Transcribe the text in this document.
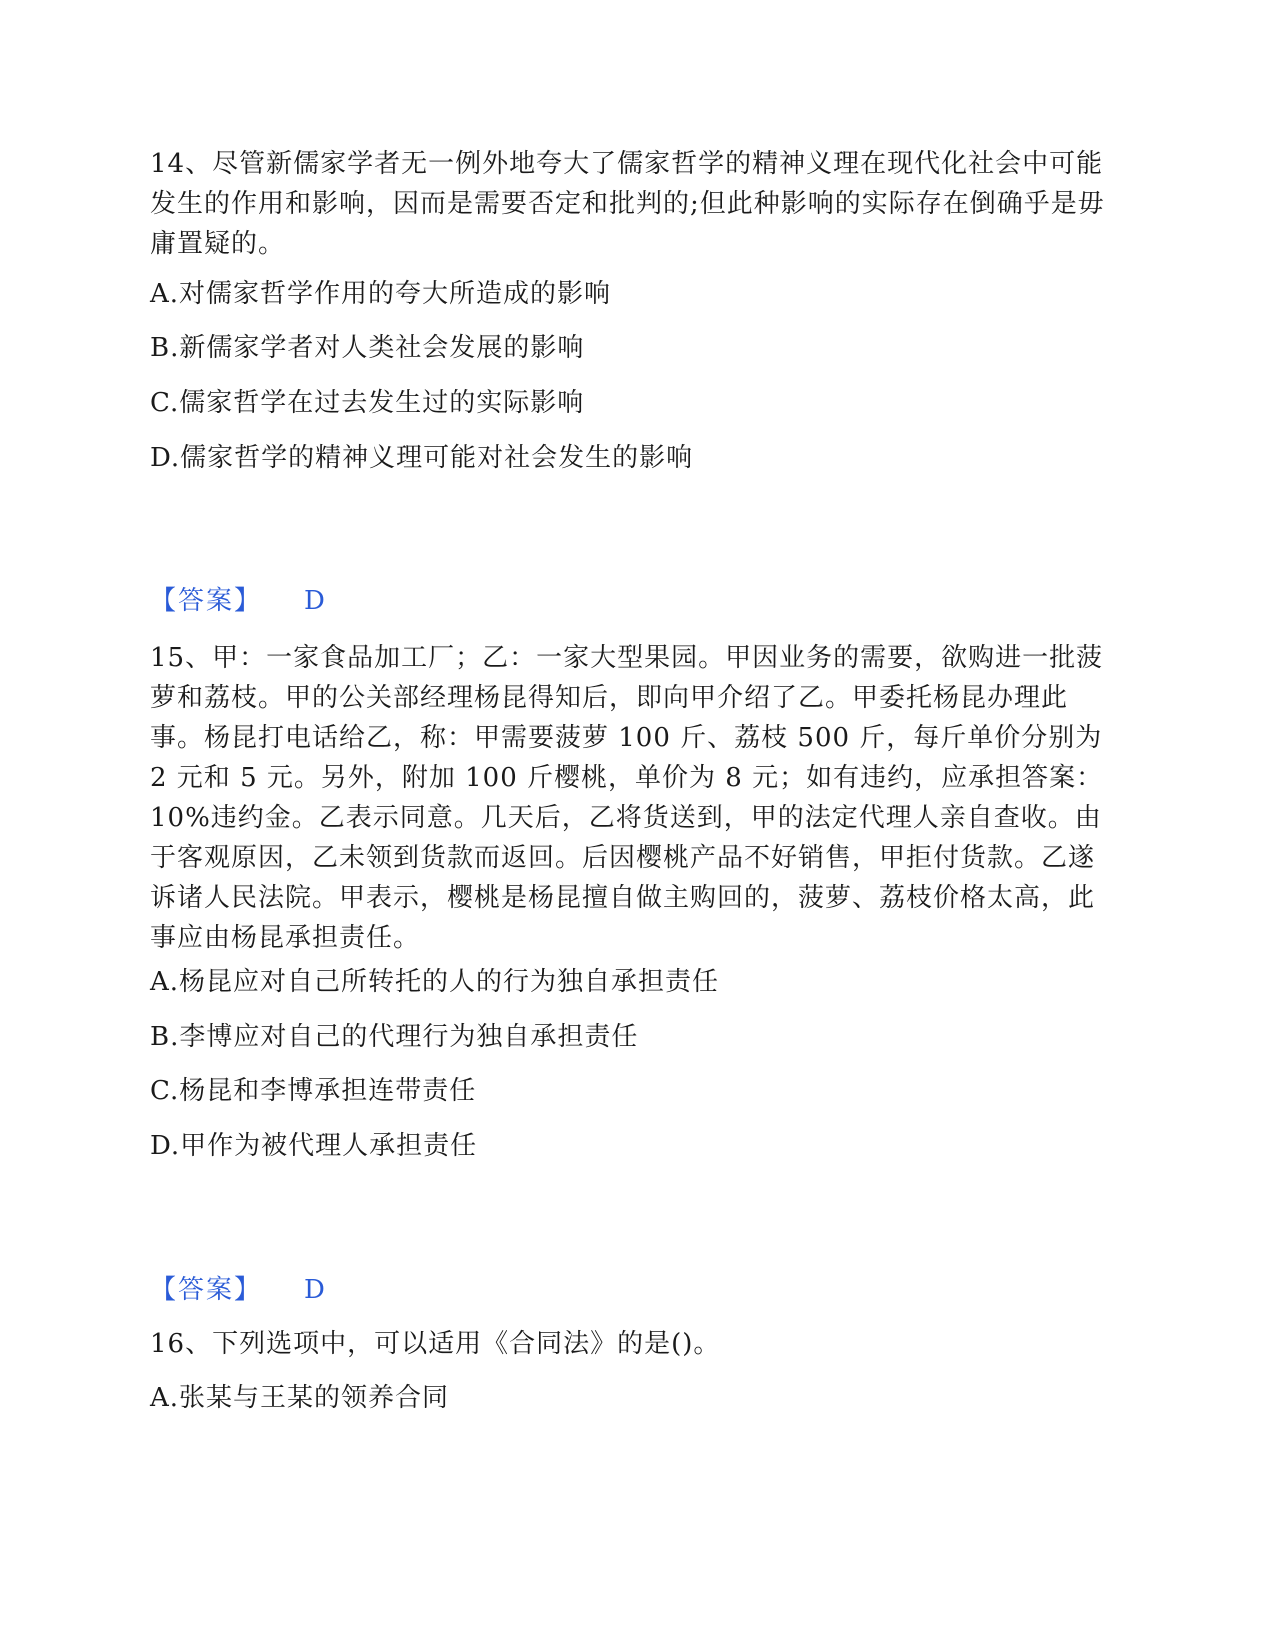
14、尽管新儒家学者无一例外地夸大了儒家哲学的精神义理在现代化社会中可能发生的作用和影响，因而是需要否定和批判的;但此种影响的实际存在倒确乎是毋庸置疑的。

A.对儒家哲学作用的夸大所造成的影响

B.新儒家学者对人类社会发展的影响

C.儒家哲学在过去发生过的实际影响

D.儒家哲学的精神义理可能对社会发生的影响

【答案】 D

15、甲：一家食品加工厂；乙：一家大型果园。甲因业务的需要，欲购进一批菠萝和荔枝。甲的公关部经理杨昆得知后，即向甲介绍了乙。甲委托杨昆办理此事。杨昆打电话给乙，称：甲需要菠萝 100 斤、荔枝 500 斤，每斤单价分别为 2 元和 5 元。另外，附加 100 斤樱桃，单价为 8 元；如有违约，应承担答案：10%违约金。乙表示同意。几天后，乙将货送到，甲的法定代理人亲自查收。由于客观原因，乙未领到货款而返回。后因樱桃产品不好销售，甲拒付货款。乙遂诉诸人民法院。甲表示，樱桃是杨昆擅自做主购回的，菠萝、荔枝价格太高，此事应由杨昆承担责任。

A.杨昆应对自己所转托的人的行为独自承担责任

B.李博应对自己的代理行为独自承担责任

C.杨昆和李博承担连带责任

D.甲作为被代理人承担责任

【答案】 D

16、下列选项中，可以适用《合同法》的是()。

A.张某与王某的领养合同
